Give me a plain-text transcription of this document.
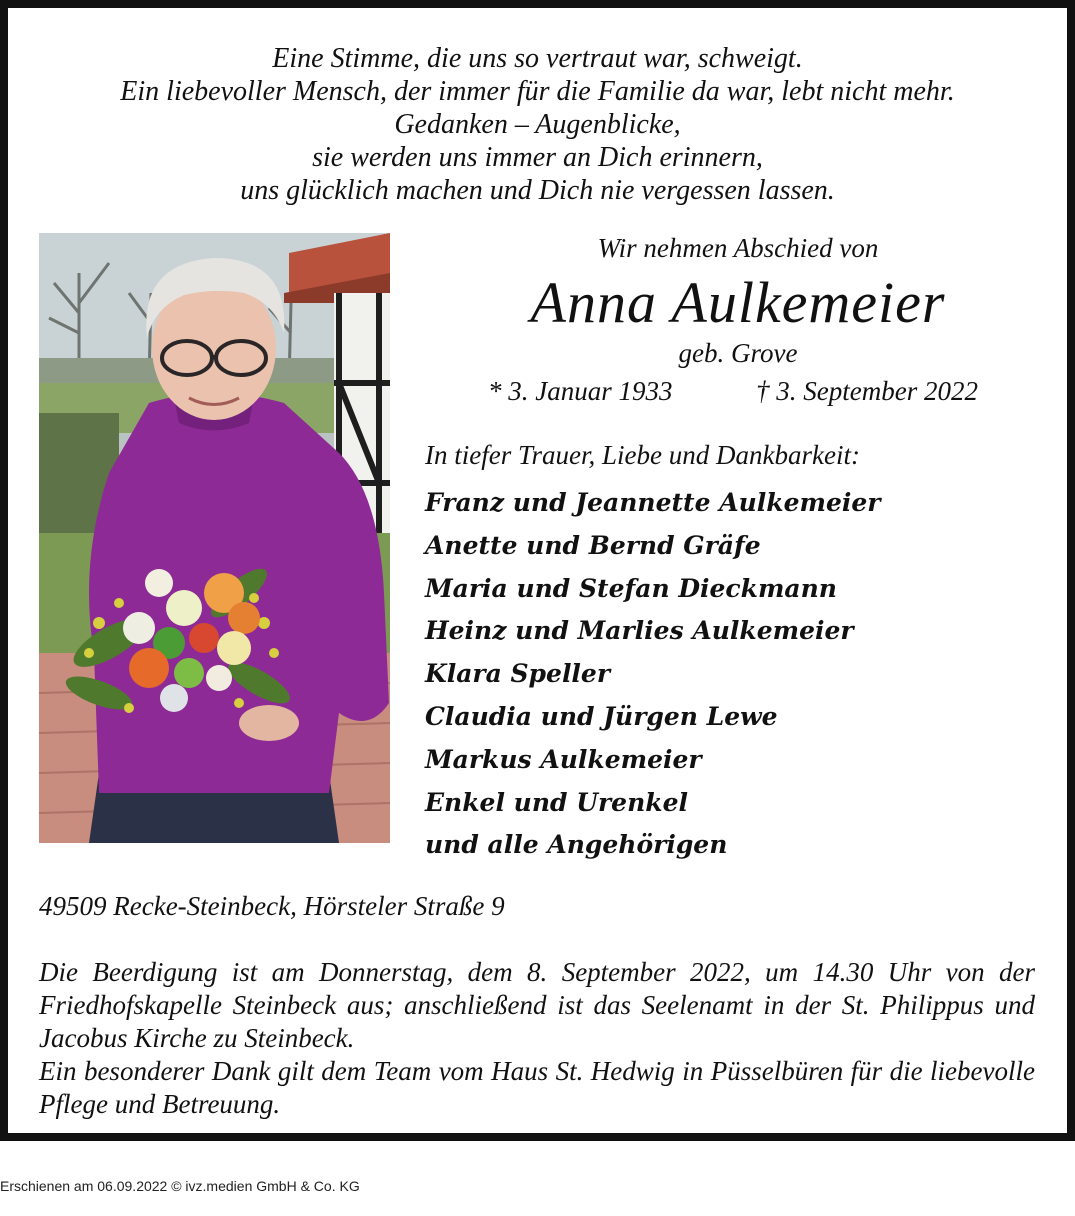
Eine Stimme, die uns so vertraut war, schweigt.
Ein liebevoller Mensch, der immer für die Familie da war, lebt nicht mehr.
Gedanken – Augenblicke,
sie werden uns immer an Dich erinnern,
uns glücklich machen und Dich nie vergessen lassen.
Wir nehmen Abschied von
Anna Aulkemeier
geb. Grove
* 3. Januar 1933	† 3. September 2022
In tiefer Trauer, Liebe und Dankbarkeit:
Franz und Jeannette Aulkemeier
Anette und Bernd Gräfe
Maria und Stefan Dieckmann
Heinz und Marlies Aulkemeier
Klara Speller
Claudia und Jürgen Lewe
Markus Aulkemeier
Enkel und Urenkel
und alle Angehörigen
49509 Recke-Steinbeck, Hörsteler Straße 9

Die Beerdigung ist am Donnerstag, dem 8. September 2022, um 14.30 Uhr von der Friedhofskapelle Steinbeck aus; anschließend ist das Seelenamt in der St. Philippus und Jacobus Kirche zu Steinbeck.

Ein besonderer Dank gilt dem Team vom Haus St. Hedwig in Püsselbüren für die liebevolle Pflege und Betreuung.

Erschienen am 06.09.2022 © ivz.medien GmbH & Co. KG
